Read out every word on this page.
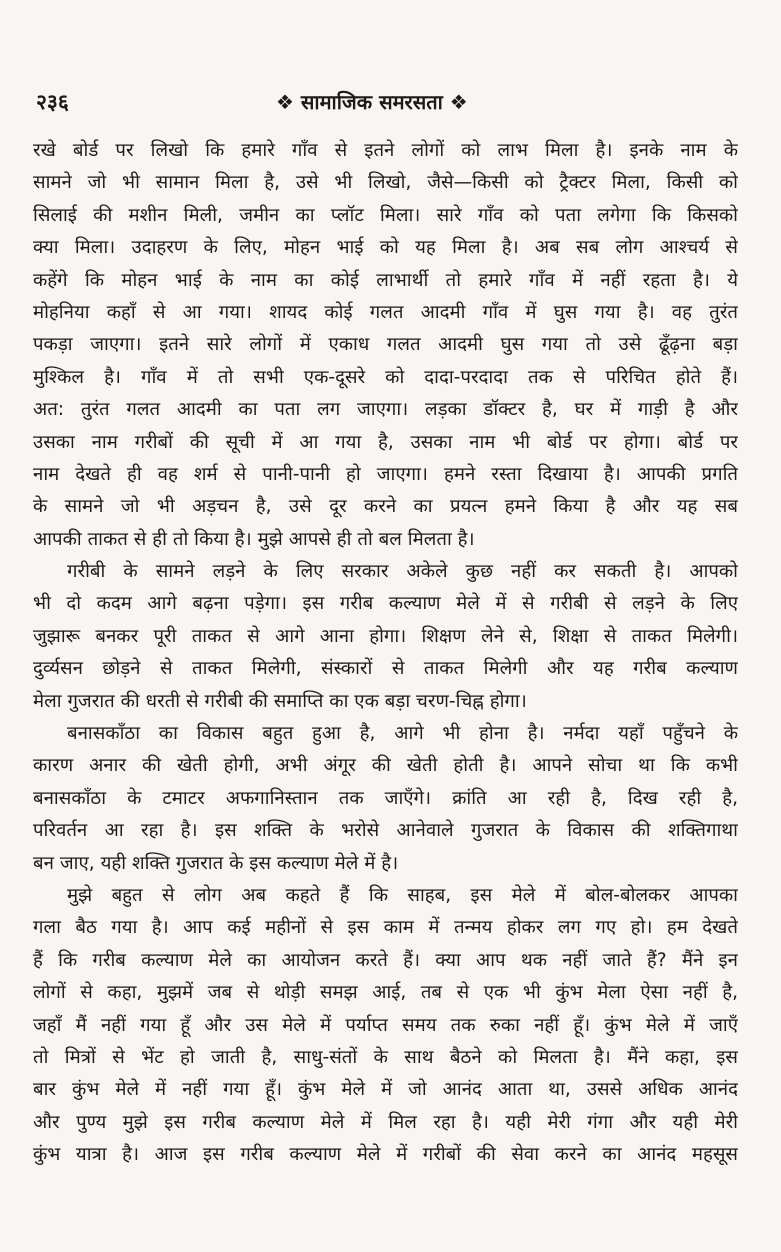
२३६	❖ सामाजिक समरसता ❖
रखे बोर्ड पर लिखो कि हमारे गाँव से इतने लोगों को लाभ मिला है। इनके नाम के
सामने जो भी सामान मिला है, उसे भी लिखो, जैसे—किसी को ट्रैक्टर मिला, किसी को
सिलाई की मशीन मिली, जमीन का प्लॉट मिला। सारे गाँव को पता लगेगा कि किसको
क्या मिला। उदाहरण के लिए, मोहन भाई को यह मिला है। अब सब लोग आश्चर्य से
कहेंगे कि मोहन भाई के नाम का कोई लाभार्थी तो हमारे गाँव में नहीं रहता है। ये
मोहनिया कहाँ से आ गया। शायद कोई गलत आदमी गाँव में घुस गया है। वह तुरंत
पकड़ा जाएगा। इतने सारे लोगों में एकाध गलत आदमी घुस गया तो उसे ढूँढ़ना बड़ा
मुश्किल है। गाँव में तो सभी एक-दूसरे को दादा-परदादा तक से परिचित होते हैं।
अत: तुरंत गलत आदमी का पता लग जाएगा। लड़का डॉक्टर है, घर में गाड़ी है और
उसका नाम गरीबों की सूची में आ गया है, उसका नाम भी बोर्ड पर होगा। बोर्ड पर
नाम देखते ही वह शर्म से पानी-पानी हो जाएगा। हमने रस्ता दिखाया है। आपकी प्रगति
के सामने जो भी अड़चन है, उसे दूर करने का प्रयत्न हमने किया है और यह सब
आपकी ताकत से ही तो किया है। मुझे आपसे ही तो बल मिलता है।
गरीबी के सामने लड़ने के लिए सरकार अकेले कुछ नहीं कर सकती है। आपको
भी दो कदम आगे बढ़ना पड़ेगा। इस गरीब कल्याण मेले में से गरीबी से लड़ने के लिए
जुझारू बनकर पूरी ताकत से आगे आना होगा। शिक्षण लेने से, शिक्षा से ताकत मिलेगी।
दुर्व्यसन छोड़ने से ताकत मिलेगी, संस्कारों से ताकत मिलेगी और यह गरीब कल्याण
मेला गुजरात की धरती से गरीबी की समाप्ति का एक बड़ा चरण-चिह्न होगा।
बनासकाँठा का विकास बहुत हुआ है, आगे भी होना है। नर्मदा यहाँ पहुँचने के
कारण अनार की खेती होगी, अभी अंगूर की खेती होती है। आपने सोचा था कि कभी
बनासकाँठा के टमाटर अफगानिस्तान तक जाएँगे। क्रांति आ रही है, दिख रही है,
परिवर्तन आ रहा है। इस शक्ति के भरोसे आनेवाले गुजरात के विकास की शक्तिगाथा
बन जाए, यही शक्ति गुजरात के इस कल्याण मेले में है।
मुझे बहुत से लोग अब कहते हैं कि साहब, इस मेले में बोल-बोलकर आपका
गला बैठ गया है। आप कई महीनों से इस काम में तन्मय होकर लग गए हो। हम देखते
हैं कि गरीब कल्याण मेले का आयोजन करते हैं। क्या आप थक नहीं जाते हैं? मैंने इन
लोगों से कहा, मुझमें जब से थोड़ी समझ आई, तब से एक भी कुंभ मेला ऐसा नहीं है,
जहाँ मैं नहीं गया हूँ और उस मेले में पर्याप्त समय तक रुका नहीं हूँ। कुंभ मेले में जाएँ
तो मित्रों से भेंट हो जाती है, साधु-संतों के साथ बैठने को मिलता है। मैंने कहा, इस
बार कुंभ मेले में नहीं गया हूँ। कुंभ मेले में जो आनंद आता था, उससे अधिक आनंद
और पुण्य मुझे इस गरीब कल्याण मेले में मिल रहा है। यही मेरी गंगा और यही मेरी
कुंभ यात्रा है। आज इस गरीब कल्याण मेले में गरीबों की सेवा करने का आनंद महसूस
